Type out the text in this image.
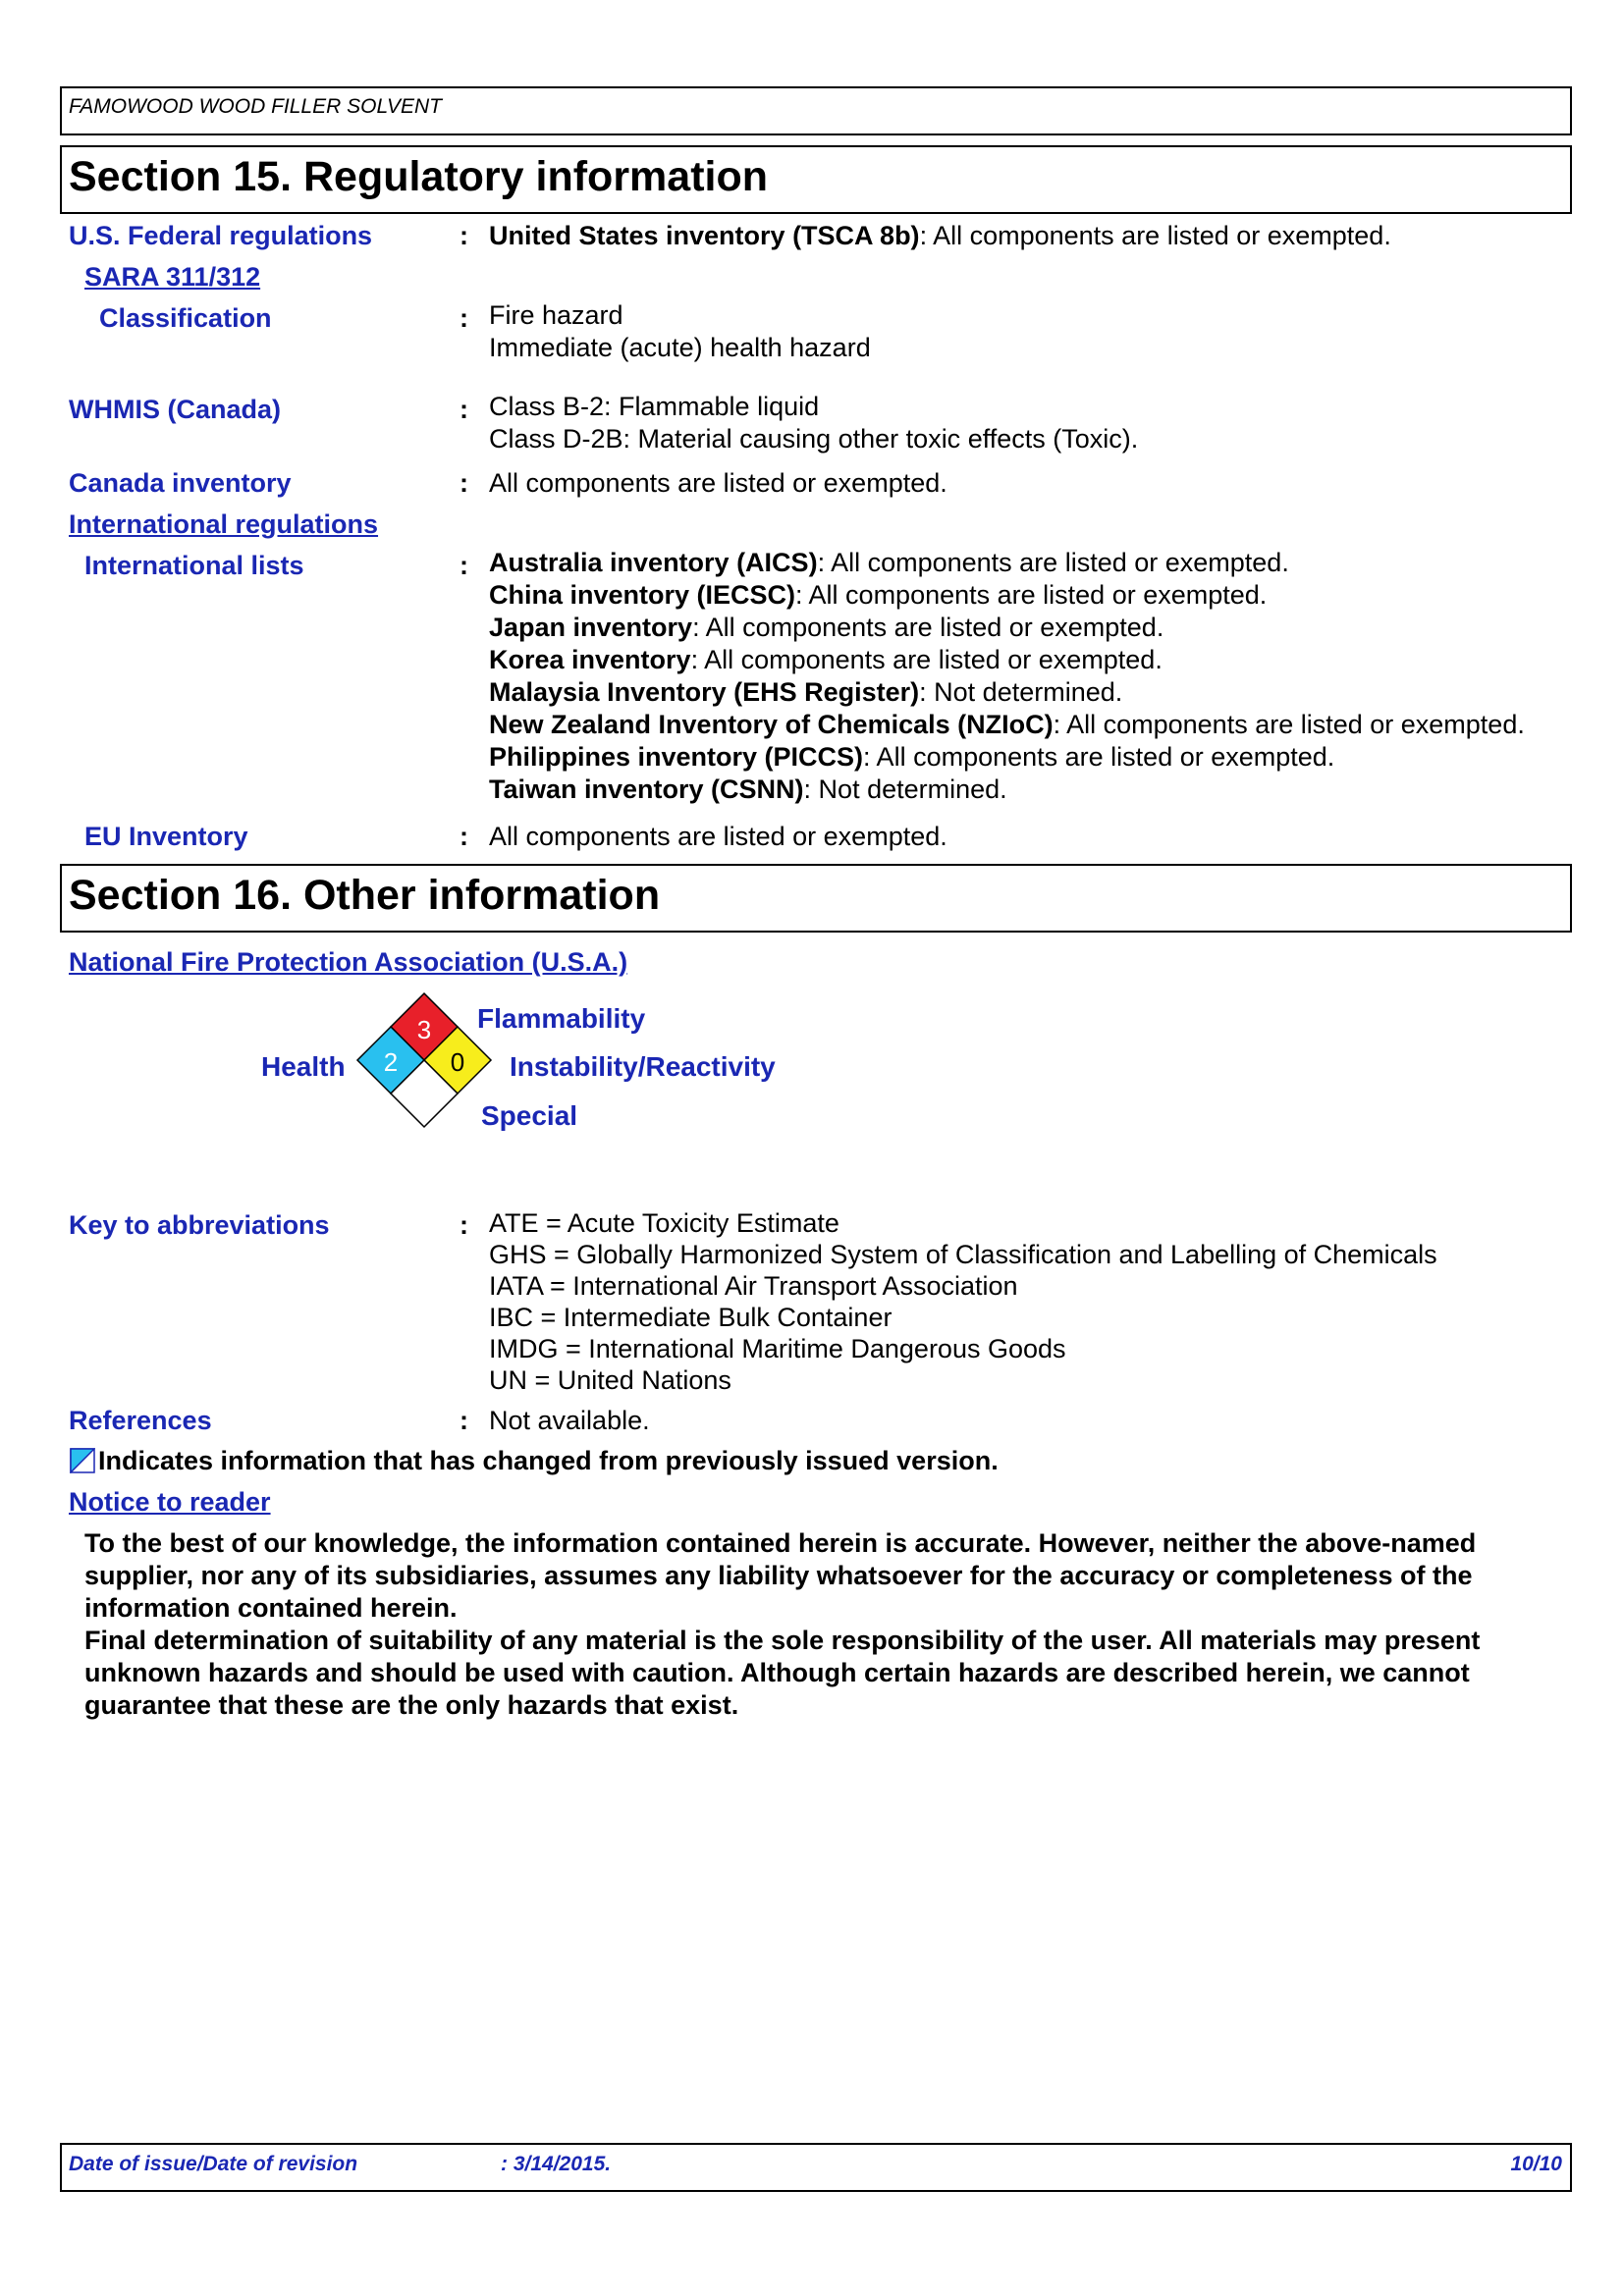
FAMOWOOD WOOD FILLER SOLVENT
Section 15. Regulatory information
U.S. Federal regulations	: United States inventory (TSCA 8b): All components are listed or exempted.
SARA 311/312
Classification	: Fire hazard
Immediate (acute) health hazard
WHMIS (Canada)	: Class B-2: Flammable liquid
Class D-2B: Material causing other toxic effects (Toxic).
Canada inventory	: All components are listed or exempted.
International regulations
International lists	: Australia inventory (AICS): All components are listed or exempted.
China inventory (IECSC): All components are listed or exempted.
Japan inventory: All components are listed or exempted.
Korea inventory: All components are listed or exempted.
Malaysia Inventory (EHS Register): Not determined.
New Zealand Inventory of Chemicals (NZIoC): All components are listed or exempted.
Philippines inventory (PICCS): All components are listed or exempted.
Taiwan inventory (CSNN): Not determined.
EU Inventory	: All components are listed or exempted.
Section 16. Other information
National Fire Protection Association (U.S.A.)
3
2 0
Flammability
Health	Instability/Reactivity
Special
Key to abbreviations	: ATE = Acute Toxicity Estimate
GHS = Globally Harmonized System of Classification and Labelling of Chemicals
IATA = International Air Transport Association
IBC = Intermediate Bulk Container
IMDG = International Maritime Dangerous Goods
UN = United Nations
References	: Not available.
Indicates information that has changed from previously issued version.
Notice to reader
To the best of our knowledge, the information contained herein is accurate. However, neither the above-named
supplier, nor any of its subsidiaries, assumes any liability whatsoever for the accuracy or completeness of the
information contained herein.
Final determination of suitability of any material is the sole responsibility of the user. All materials may present
unknown hazards and should be used with caution. Although certain hazards are described herein, we cannot
guarantee that these are the only hazards that exist.
Date of issue/Date of revision	: 3/14/2015.	10/10
